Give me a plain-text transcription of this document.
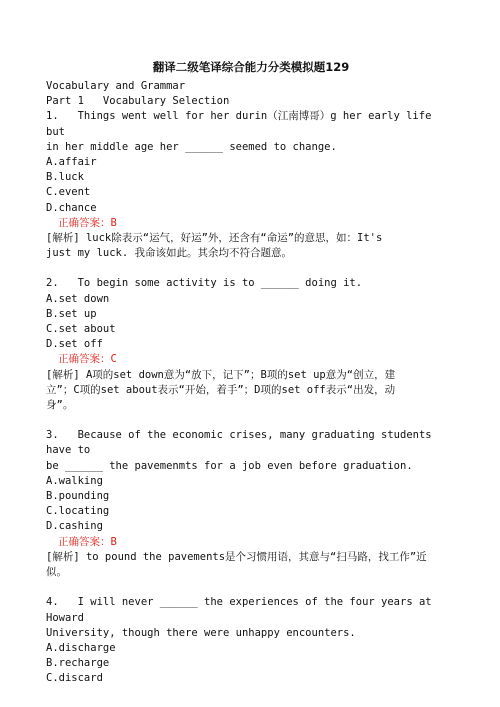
翻译二级笔译综合能力分类模拟题129
Vocabulary and Grammar
Part 1   Vocabulary Selection
1.   Things went well for her durin（江南博哥）g her early life but
in her middle age her ______ seemed to change.
A.affair
B.luck
C.event
D.chance
正确答案：B
[解析] luck除表示“运气，好运”外，还含有“命运”的意思，如：It's
just my luck. 我命该如此。其余均不符合题意。
2.   To begin some activity is to ______ doing it.
A.set down
B.set up
C.set about
D.set off
正确答案：C
[解析] A项的set down意为“放下，记下”；B项的set up意为“创立，建
立”；C项的set about表示“开始，着手”；D项的set off表示“出发，动
身”。
3.   Because of the economic crises, many graduating students have to
be ______ the pavemenmts for a job even before graduation.
A.walking
B.pounding
C.locating
D.cashing
正确答案：B
[解析] to pound the pavements是个习惯用语，其意与“扫马路，找工作”近
似。
4.   I will never ______ the experiences of the four years at Howard
University, though there were unhappy encounters.
A.discharge
B.recharge
C.discard
